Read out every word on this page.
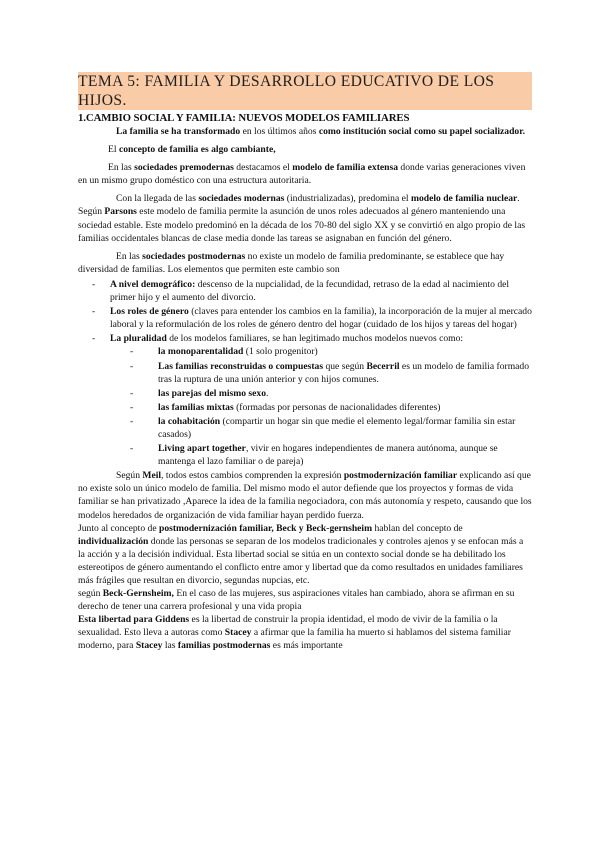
TEMA 5: FAMILIA Y DESARROLLO EDUCATIVO DE LOS HIJOS.
1.CAMBIO SOCIAL Y FAMILIA: NUEVOS MODELOS FAMILIARES

La familia se ha transformado en los últimos años como institución social como su papel socializador.

El concepto de familia es algo cambiante,

En las sociedades premodernas destacamos el modelo de familia extensa donde varias generaciones viven en un mismo grupo doméstico con una estructura autoritaria.

Con la llegada de las sociedades modernas (industrializadas), predomina el modelo de familia nuclear. Según Parsons este modelo de familia permite la asunción de unos roles adecuados al género manteniendo una sociedad estable. Este modelo predominó en la década de los 70-80 del siglo XX y se convirtió en algo propio de las familias occidentales blancas de clase media donde las tareas se asignaban en función del género.

En las sociedades postmodernas no existe un modelo de familia predominante, se establece que hay diversidad de familias. Los elementos que permiten este cambio son

- A nivel demográfico: descenso de la nupcialidad, de la fecundidad, retraso de la edad al nacimiento del primer hijo y el aumento del divorcio.
- Los roles de género (claves para entender los cambios en la familia), la incorporación de la mujer al mercado laboral y la reformulación de los roles de género dentro del hogar (cuidado de los hijos y tareas del hogar)
- La pluralidad de los modelos familiares, se han legitimado muchos modelos nuevos como:
- la monoparentalidad (1 solo progenitor)
- Las familias reconstruidas o compuestas que según Becerril es un modelo de familia formado tras la ruptura de una unión anterior y con hijos comunes.
- las parejas del mismo sexo.
- las familias mixtas (formadas por personas de nacionalidades diferentes)
- la cohabitación (compartir un hogar sin que medie el elemento legal/formar familia sin estar casados)
- Living apart together, vivir en hogares independientes de manera autónoma, aunque se mantenga el lazo familiar o de pareja)

Según Meil, todos estos cambios comprenden la expresión postmodernización familiar explicando así que no existe solo un único modelo de familia. Del mismo modo el autor defiende que los proyectos y formas de vida familiar se han privatizado ,Aparece la idea de la familia negociadora, con más autonomía y respeto, causando que los modelos heredados de organización de vida familiar hayan perdido fuerza.

Junto al concepto de postmodernización familiar, Beck y Beck-gernsheim hablan del concepto de individualización donde las personas se separan de los modelos tradicionales y controles ajenos y se enfocan más a la acción y a la decisión individual. Esta libertad social se sitúa en un contexto social donde se ha debilitado los estereotipos de género aumentando el conflicto entre amor y libertad que da como resultados en unidades familiares más frágiles que resultan en divorcio, segundas nupcias, etc.

según Beck-Gernsheim, En el caso de las mujeres, sus aspiraciones vitales han cambiado, ahora se afirman en su derecho de tener una carrera profesional y una vida propia

Esta libertad para Giddens es la libertad de construir la propia identidad, el modo de vivir de la familia o la sexualidad. Esto lleva a autoras como Stacey a afirmar que la familia ha muerto si hablamos del sistema familiar moderno, para Stacey las familias postmodernas es más importante
